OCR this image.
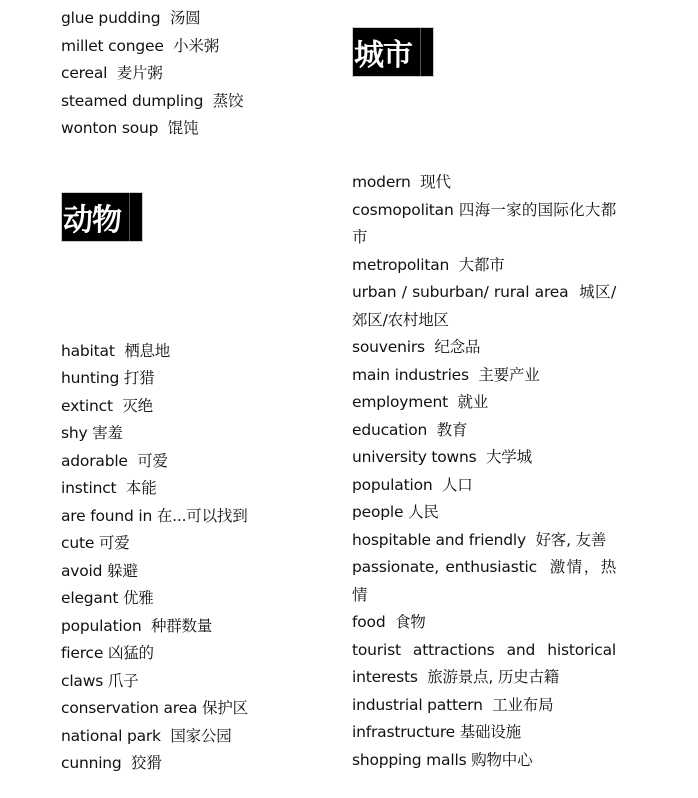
glue pudding 汤圆
millet congee 小米粥
cereal 麦片粥
steamed dumpling 蒸饺
wonton soup 馄饨
动物
habitat 栖息地
hunting 打猎
extinct 灭绝
shy 害羞
adorable 可爱
instinct 本能
are found in 在...可以找到
cute 可爱
avoid 躲避
elegant 优雅
population 种群数量
fierce 凶猛的
claws 爪子
conservation area 保护区
national park 国家公园
cunning 狡猾
城市
modern 现代
cosmopolitan 四海一家的国际化大都市
metropolitan 大都市
urban / suburban/ rural area 城区/郊区/农村地区
souvenirs 纪念品
main industries 主要产业
employment 就业
education 教育
university towns 大学城
population 人口
people 人民
hospitable and friendly 好客, 友善
passionate, enthusiastic 激情，热情
food 食物
tourist attractions and historical interests 旅游景点, 历史古籍
industrial pattern 工业布局
infrastructure 基础设施
shopping malls 购物中心
